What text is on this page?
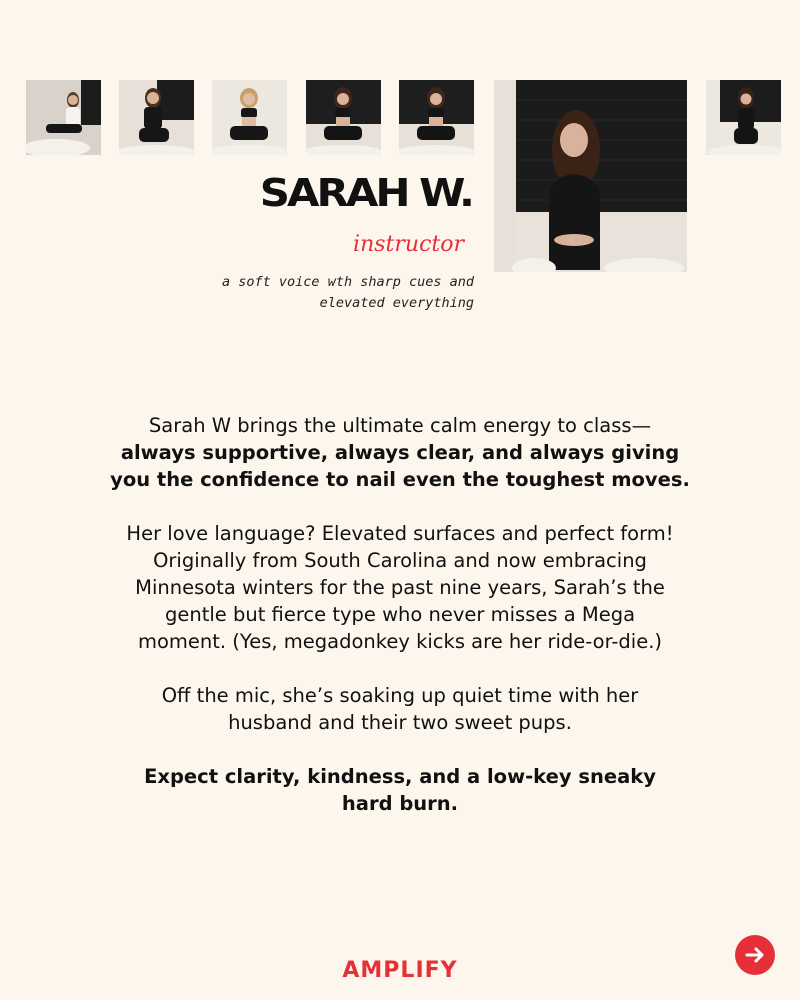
SARAH W.
instructor
a soft voice wth sharp cues and
elevated everything

Sarah W brings the ultimate calm energy to class—
always supportive, always clear, and always giving
you the confidence to nail even the toughest moves.

Her love language? Elevated surfaces and perfect form!
Originally from South Carolina and now embracing
Minnesota winters for the past nine years, Sarah’s the
gentle but fierce type who never misses a Mega
moment. (Yes, megadonkey kicks are her ride-or-die.)

Off the mic, she’s soaking up quiet time with her
husband and their two sweet pups.

Expect clarity, kindness, and a low-key sneaky
hard burn.

AMPLIFY
